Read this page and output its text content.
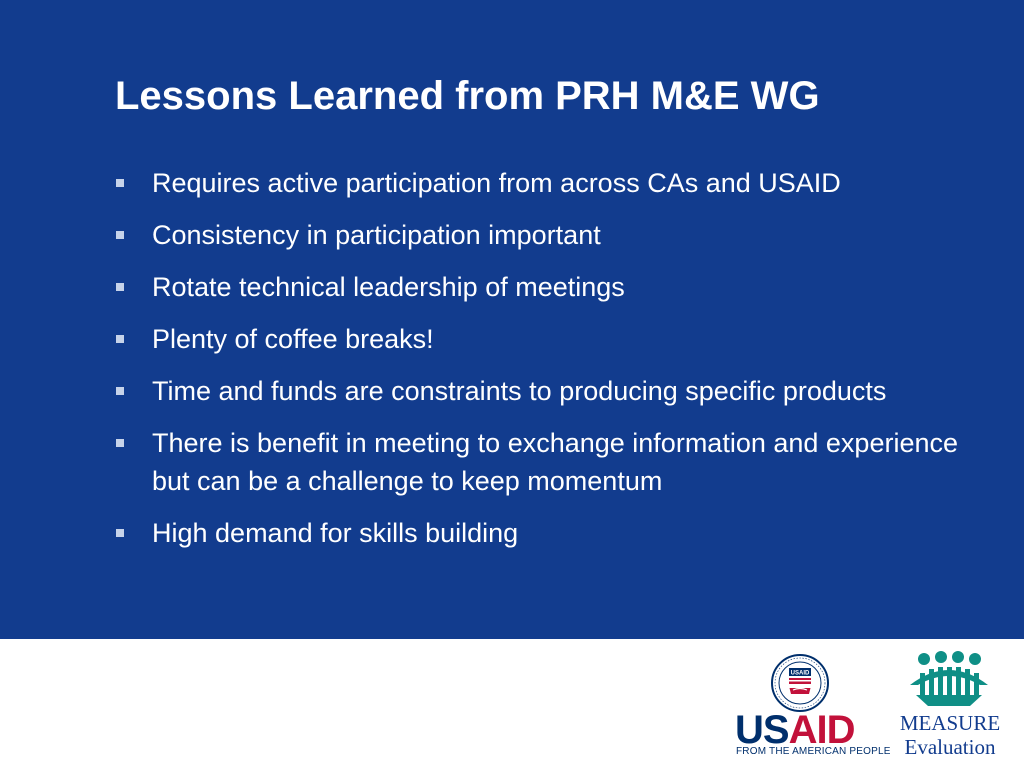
Lessons Learned from PRH M&E WG
Requires active participation from across CAs and USAID
Consistency in participation important
Rotate technical leadership of meetings
Plenty of coffee breaks!
Time and funds are constraints to producing specific products
There is benefit in meeting to exchange information and experience but can be a challenge to keep momentum
High demand for skills building
USAID
USAID
FROM THE AMERICAN PEOPLE
MEASURE
Evaluation
